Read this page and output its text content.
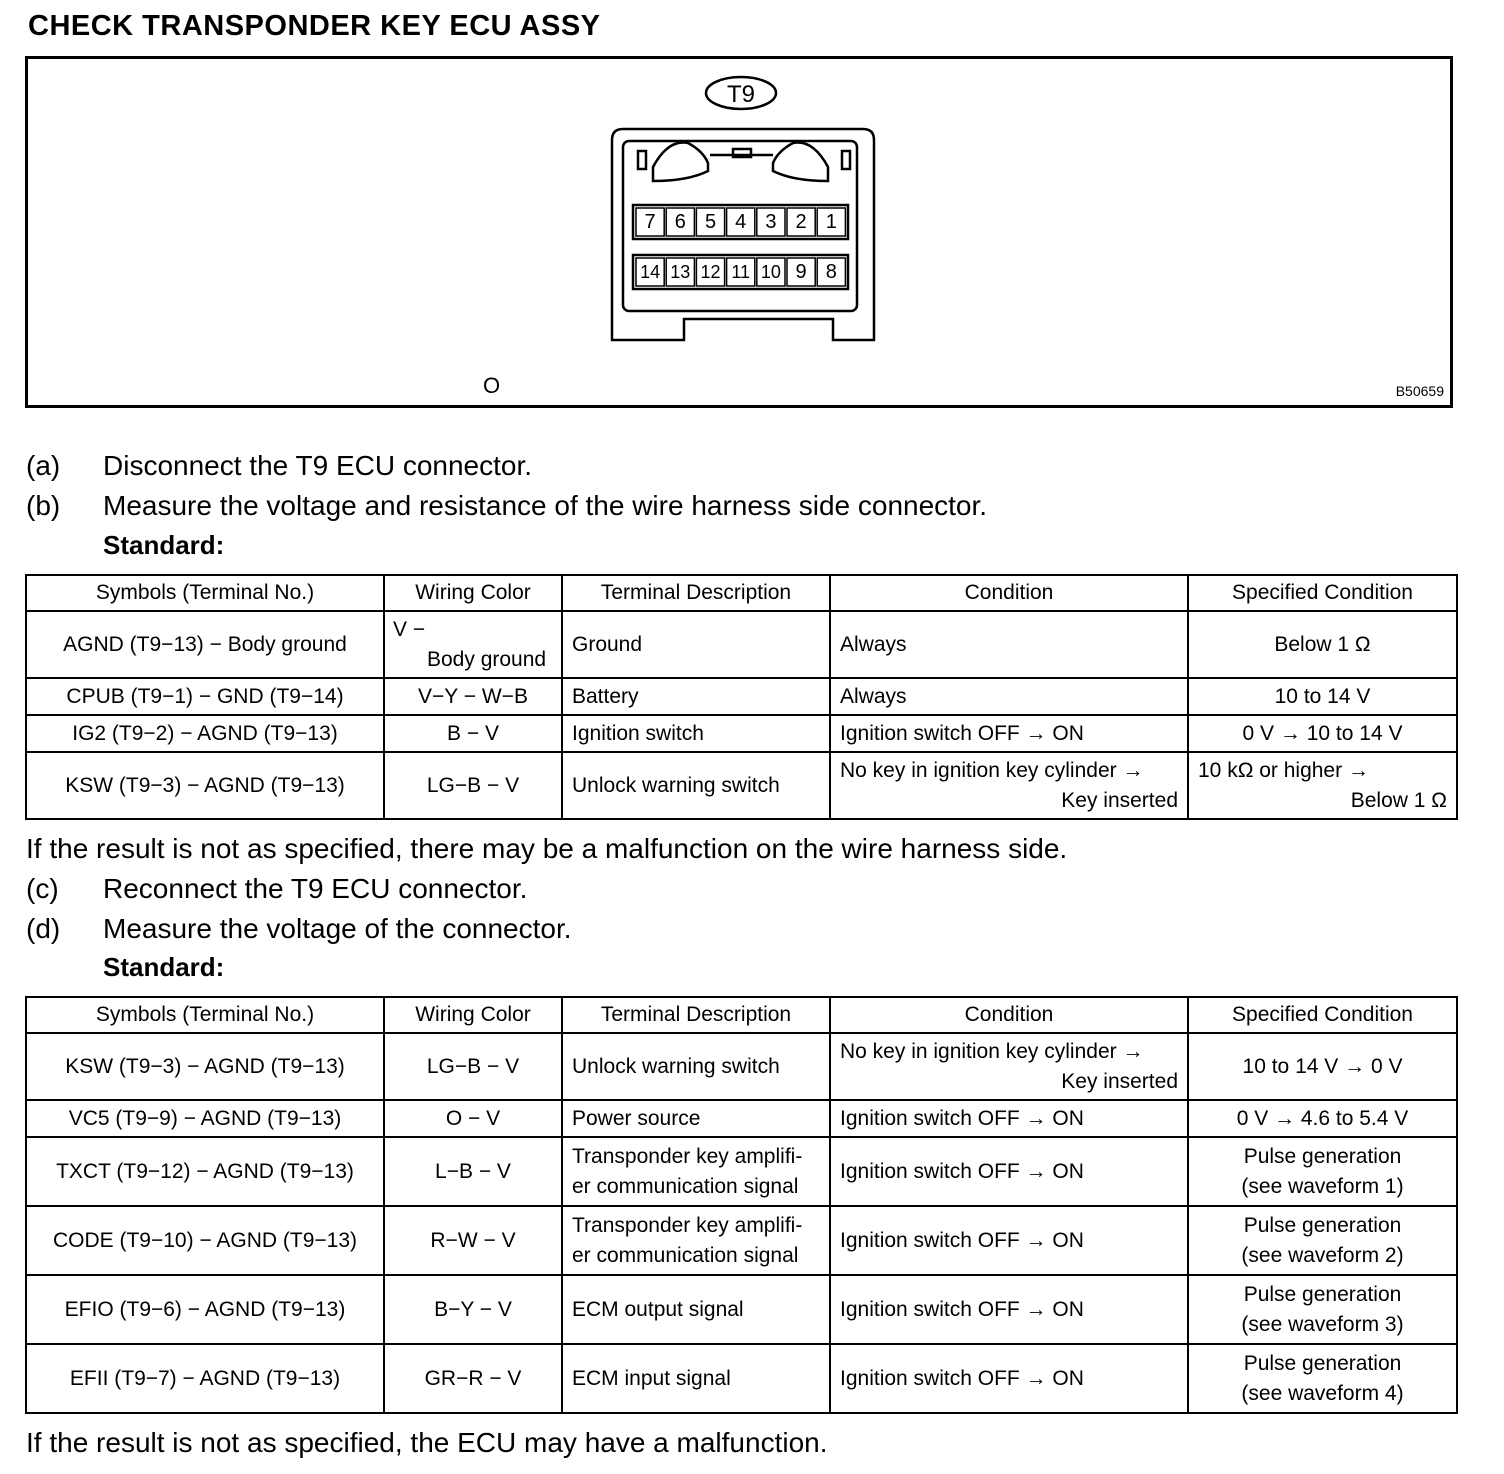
CHECK TRANSPONDER KEY ECU ASSY
7 6 5 4 3 2 1
14 13 12 11 10 9 8
T9
O	B50659
(a) Disconnect the T9 ECU connector.
(b) Measure the voltage and resistance of the wire harness side connector.
Standard:
Symbols (Terminal No.)	Wiring Color	Terminal Description	Condition	Specified Condition
AGND (T9−13) − Body ground	V −
Body ground	Ground	Always	Below 1 Ω
CPUB (T9−1) − GND (T9−14)	V−Y − W−B	Battery	Always	10 to 14 V
IG2 (T9−2) − AGND (T9−13)	B − V	Ignition switch	Ignition switch OFF → ON	0 V → 10 to 14 V
KSW (T9−3) − AGND (T9−13)	LG−B − V	Unlock warning switch	No key in ignition key cylinder →
Key inserted	10 kΩ or higher →
Below 1 Ω
If the result is not as specified, there may be a malfunction on the wire harness side.
(c) Reconnect the T9 ECU connector.
(d) Measure the voltage of the connector.
Standard:
Symbols (Terminal No.)	Wiring Color	Terminal Description	Condition	Specified Condition
KSW (T9−3) − AGND (T9−13)	LG−B − V	Unlock warning switch	No key in ignition key cylinder →
Key inserted	10 to 14 V → 0 V
VC5 (T9−9) − AGND (T9−13)	O − V	Power source	Ignition switch OFF → ON	0 V → 4.6 to 5.4 V
TXCT (T9−12) − AGND (T9−13)	L−B − V	Transponder key amplifi-
er communication signal	Ignition switch OFF → ON	Pulse generation
(see waveform 1)

CODE (T9−10) − AGND (T9−13)	R−W − V	Transponder key amplifi-
er communication signal	Ignition switch OFF → ON	Pulse generation
(see waveform 2)

EFIO (T9−6) − AGND (T9−13)	B−Y − V	ECM output signal	Ignition switch OFF → ON	Pulse generation
(see waveform 3)

EFII (T9−7) − AGND (T9−13)	GR−R − V	ECM input signal	Ignition switch OFF → ON	Pulse generation
(see waveform 4)
If the result is not as specified, the ECU may have a malfunction.
